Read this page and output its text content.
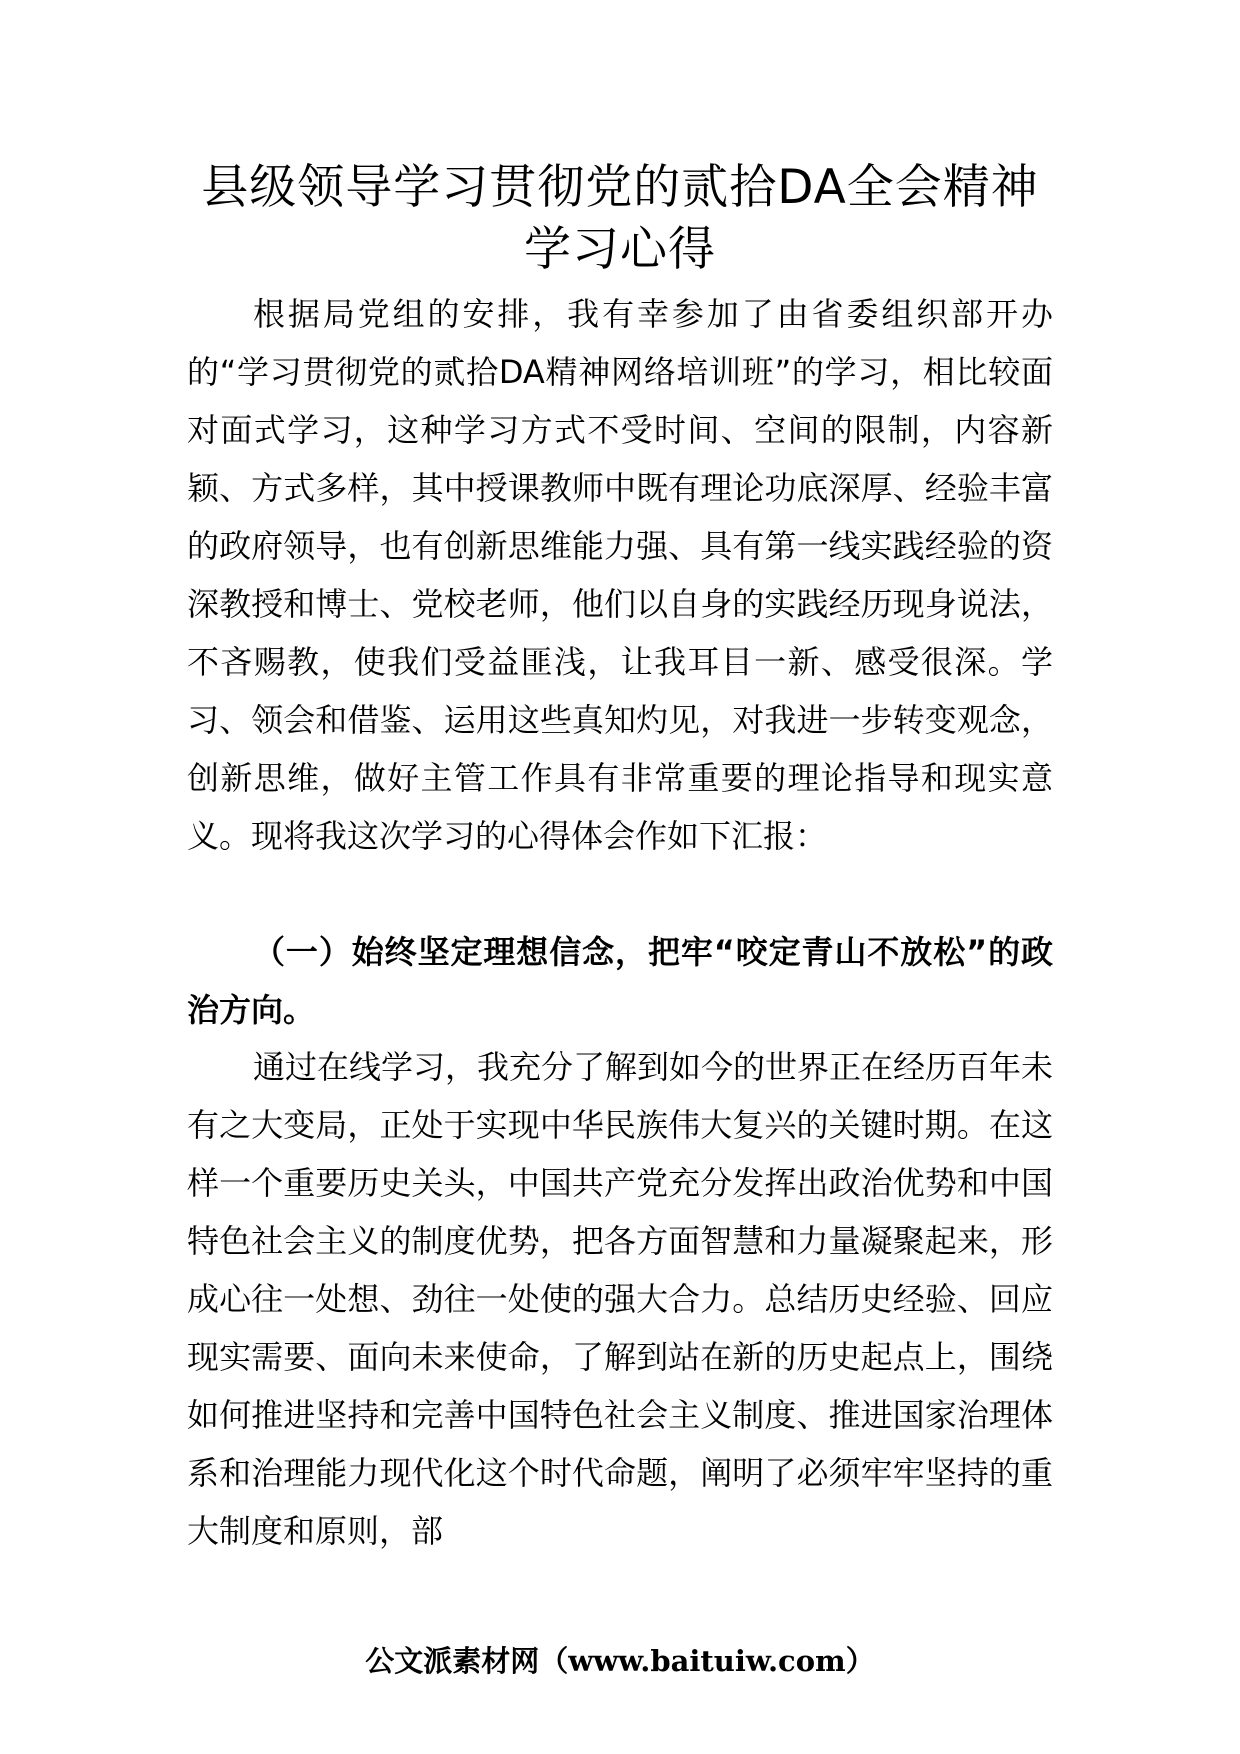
县级领导学习贯彻党的贰拾DA全会精神
学习心得

根据局党组的安排，我有幸参加了由省委组织部开办的“学习贯彻党的贰拾DA精神网络培训班”的学习，相比较面对面式学习，这种学习方式不受时间、空间的限制，内容新颖、方式多样，其中授课教师中既有理论功底深厚、经验丰富的政府领导，也有创新思维能力强、具有第一线实践经验的资深教授和博士、党校老师，他们以自身的实践经历现身说法，不吝赐教，使我们受益匪浅，让我耳目一新、感受很深。学习、领会和借鉴、运用这些真知灼见，对我进一步转变观念，创新思维，做好主管工作具有非常重要的理论指导和现实意义。现将我这次学习的心得体会作如下汇报：

（一）始终坚定理想信念，把牢“咬定青山不放松”的政治方向。

通过在线学习，我充分了解到如今的世界正在经历百年未有之大变局，正处于实现中华民族伟大复兴的关键时期。在这样一个重要历史关头，中国共产党充分发挥出政治优势和中国特色社会主义的制度优势，把各方面智慧和力量凝聚起来，形成心往一处想、劲往一处使的强大合力。总结历史经验、回应现实需要、面向未来使命，了解到站在新的历史起点上，围绕如何推进坚持和完善中国特色社会主义制度、推进国家治理体系和治理能力现代化这个时代命题，阐明了必须牢牢坚持的重大制度和原则，部

公文派素材网（www.baituiw.com）
